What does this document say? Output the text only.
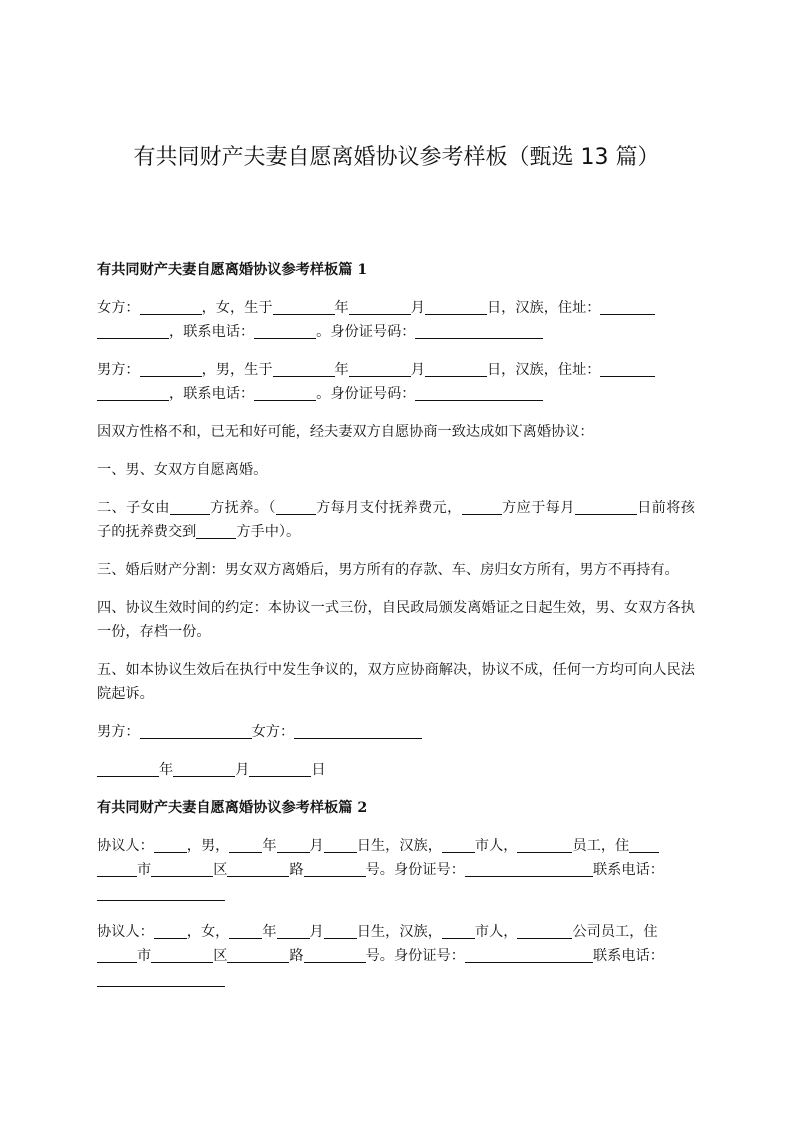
有共同财产夫妻自愿离婚协议参考样板（甄选 13 篇）

有共同财产夫妻自愿离婚协议参考样板篇 1

女方：	，女，生于	年	月	日，汉族，住址：
，联系电话：	。身份证号码：

男方：	，男，生于	年	月	日，汉族，住址：
，联系电话：	。身份证号码：

因双方性格不和，已无和好可能，经夫妻双方自愿协商一致达成如下离婚协议：

一、男、女双方自愿离婚。

二、子女由	方抚养。（	方每月支付抚养费元，	方应于每月	日前将孩子的抚养费交到	方手中）。

三、婚后财产分割：男女双方离婚后，男方所有的存款、车、房归女方所有，男方不再持有。

四、协议生效时间的约定：本协议一式三份，自民政局颁发离婚证之日起生效，男、女双方各执一份，存档一份。

五、如本协议生效后在执行中发生争议的，双方应协商解决，协议不成，任何一方均可向人民法院起诉。

男方：	女方：

年	月	日

有共同财产夫妻自愿离婚协议参考样板篇 2

协议人： ，男， 年 月 日生，汉族， 市人，	员工，住
市	区	路	号。身份证号：	联系电话：

协议人： ，女， 年 月 日生，汉族， 市人，	公司员工，住
市	区	路	号。身份证号：	联系电话：
